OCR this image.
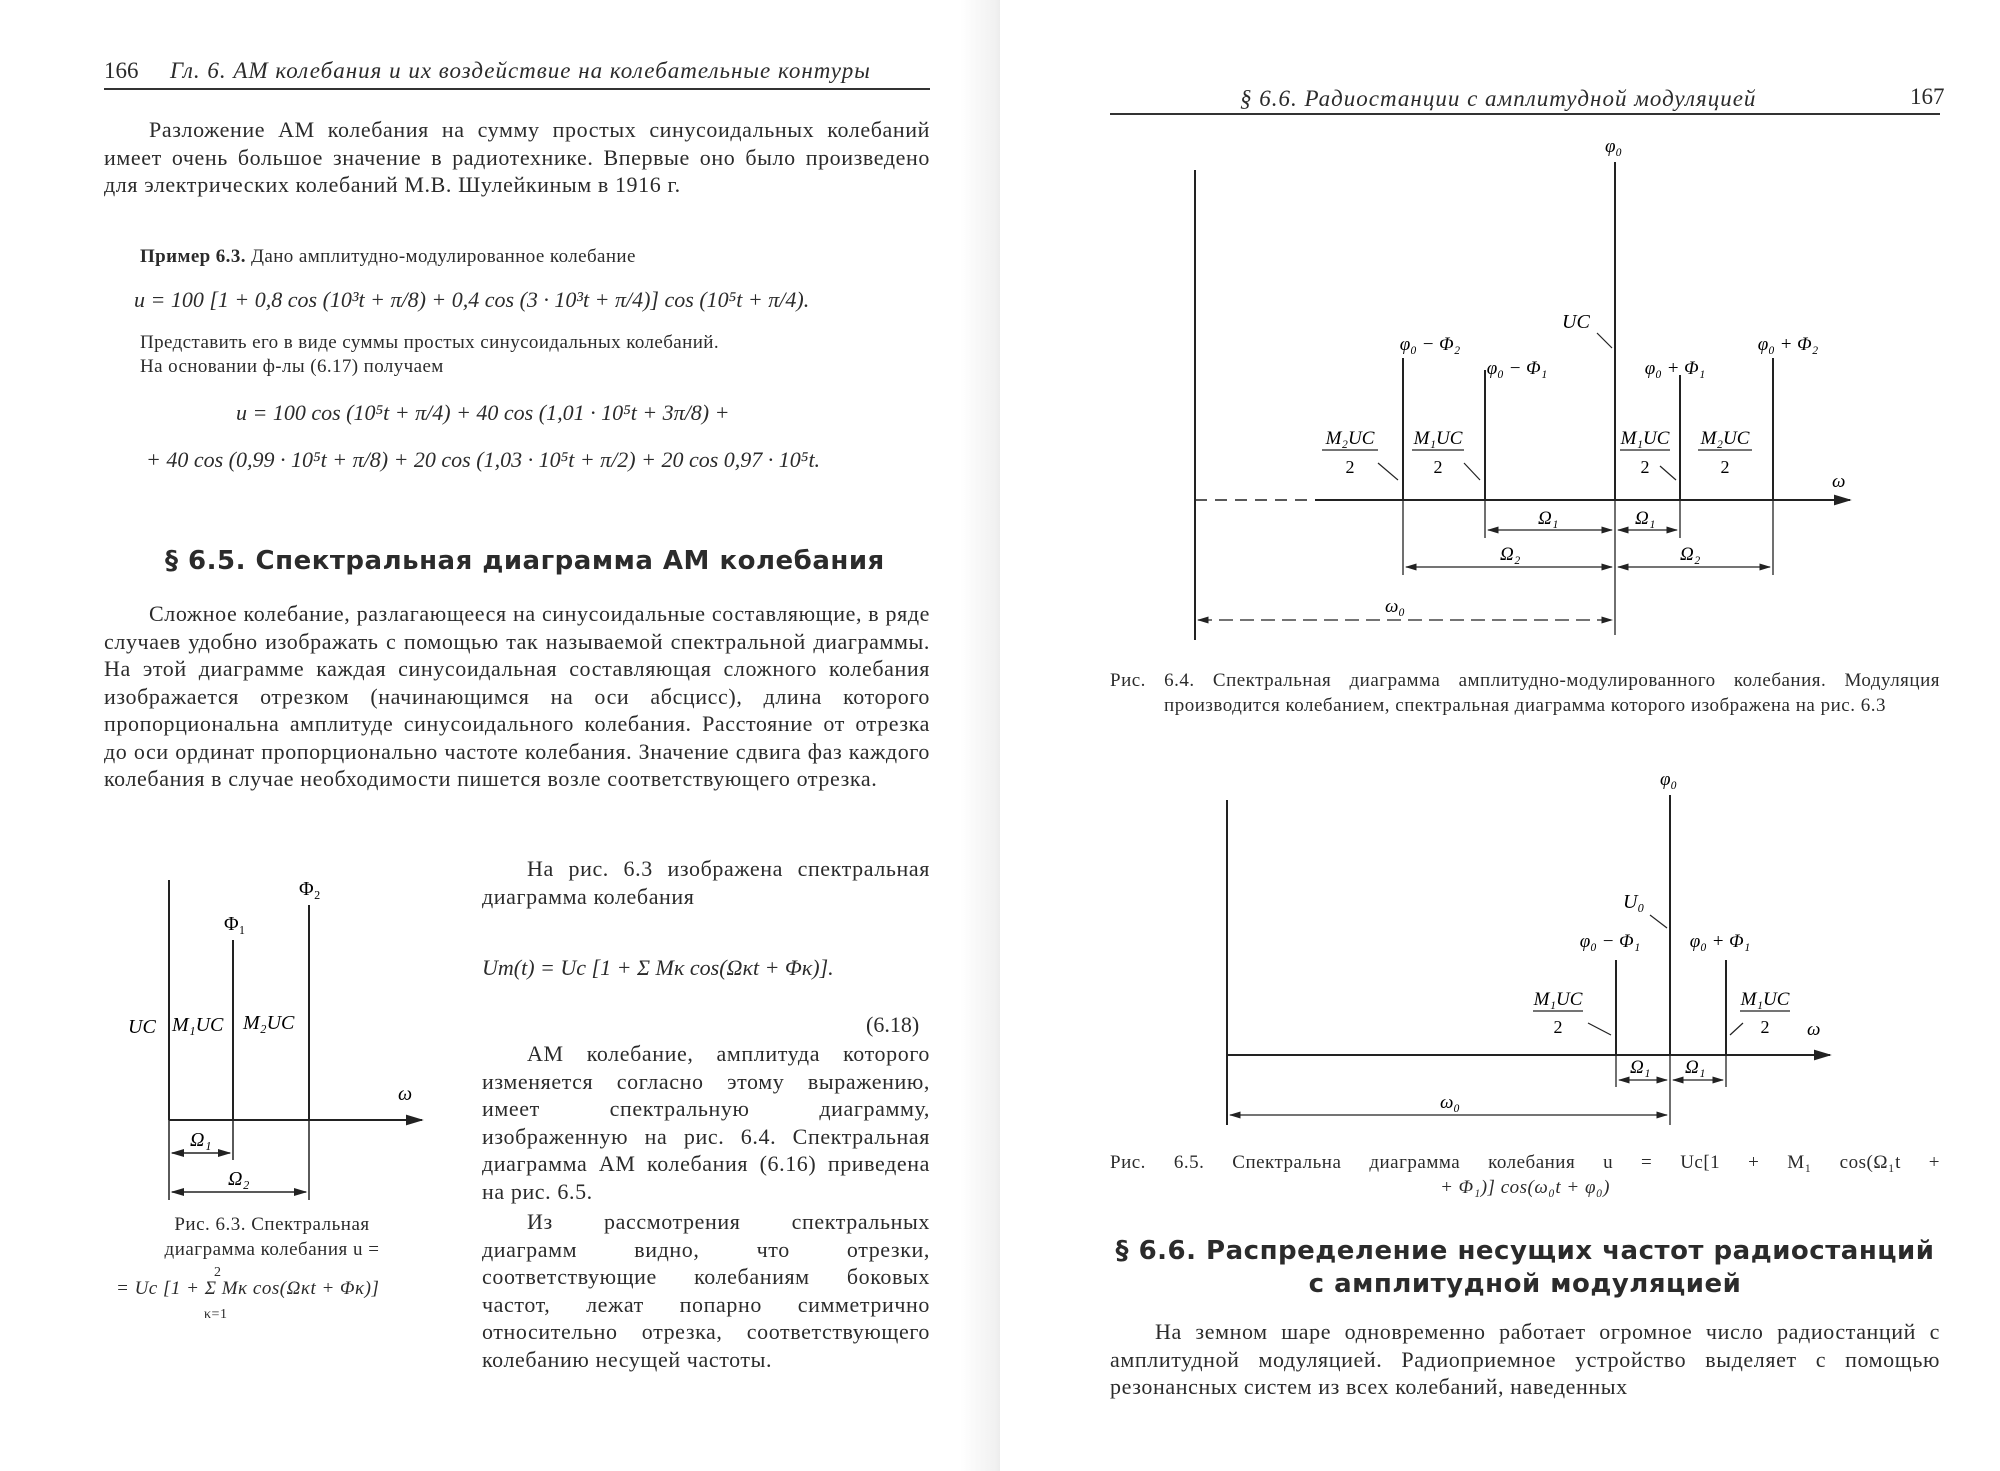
166 Гл. 6. AM колебания и их воздействие на колебательные контуры

Разложение АМ колебания на сумму простых синусоидальных колебаний имеет очень большое значение в радиотехнике. Впервые оно было произведено для электрических колебаний М.В. Шулейкиным в 1916 г.

Пример 6.3. Дано амплитудно-модулированное колебание
u = 100 [1 + 0,8 cos (10³t + π/8) + 0,4 cos (3 · 10³t + π/4)] cos (10⁵t + π/4).
Представить его в виде суммы простых синусоидальных колебаний.
На основании ф-лы (6.17) получаем
u = 100 cos (10⁵t + π/4) + 40 cos (1,01 · 10⁵t + 3π/8) +
+ 40 cos (0,99 · 10⁵t + π/8) + 20 cos (1,03 · 10⁵t + π/2) + 20 cos 0,97 · 10⁵t.
§ 6.5. Спектральная диаграмма АМ колебания

Сложное колебание, разлагающееся на синусоидальные составляющие, в ряде случаев удобно изображать с помощью так называемой спектральной диаграммы. На этой диаграмме каждая синусоидальная составляющая сложного колебания изображается отрезком (начинающимся на оси абсцисс), длина которого пропорциональна амплитуде синусоидального колебания. Расстояние от отрезка до оси ординат пропорционально частоте колебания. Значение сдвига фаз каждого колебания в случае необходимости пишется возле соответствующего отрезка.

Φ₁
Φ₂
UC M₁UC M₂UC
ω
Ω₁
Ω₂
Рис. 6.3. Спектральная
диаграмма колебания u =
2
= Uc [1 + Σ Mκ cos(Ωκt + Φκ)]
κ=1

На рис. 6.3 изображена спектральная диаграмма колебания

Um(t) = Uc [1 + Σ Mκ cos(Ωκt + Φκ)].
(6.18)

АМ колебание, амплитуда которого изменяется согласно этому выражению, имеет спектральную диаграмму, изображенную на рис. 6.4. Спектральная диаграмма АМ колебания (6.16) приведена на рис. 6.5.

Из рассмотрения спектральных диаграмм видно, что отрезки, соответствующие колебаниям боковых частот, лежат попарно симметрично относительно отрезка, соответствующего колебанию несущей частоты.

§ 6.6. Радиостанции с амплитудной модуляцией	167
φ₀
UC
φ₀ − Φ₂
φ₀ − Φ₁	φ₀ + Φ₁
φ₀ + Φ₂
M₂UC
2
M₁UC
2
M₁UC
2
M₂UC
2
ω
Ω₁	Ω₁
Ω₂	Ω₂
ω₀
Рис. 6.4. Спектральная диаграмма амплитудно-модулированного колебания. Модуляция производится колебанием, спектральная диаграмма которого изображена на рис. 6.3
φ₀
U₀
φ₀ − Φ₁	φ₀ + Φ₁
M₁UC
2
M₁UC
2 ω
Ω₁ Ω₁
ω₀
Рис. 6.5. Спектральна диаграмма колебания u = Uc[1 + M₁ cos(Ω₁t +
+ Φ₁)] cos(ω₀t + φ₀)
§ 6.6. Распределение несущих частот радиостанций
с амплитудной модуляцией

На земном шаре одновременно работает огромное число радиостанций с амплитудной модуляцией. Радиоприемное устройство выделяет с помощью резонансных систем из всех колебаний, наведенных
